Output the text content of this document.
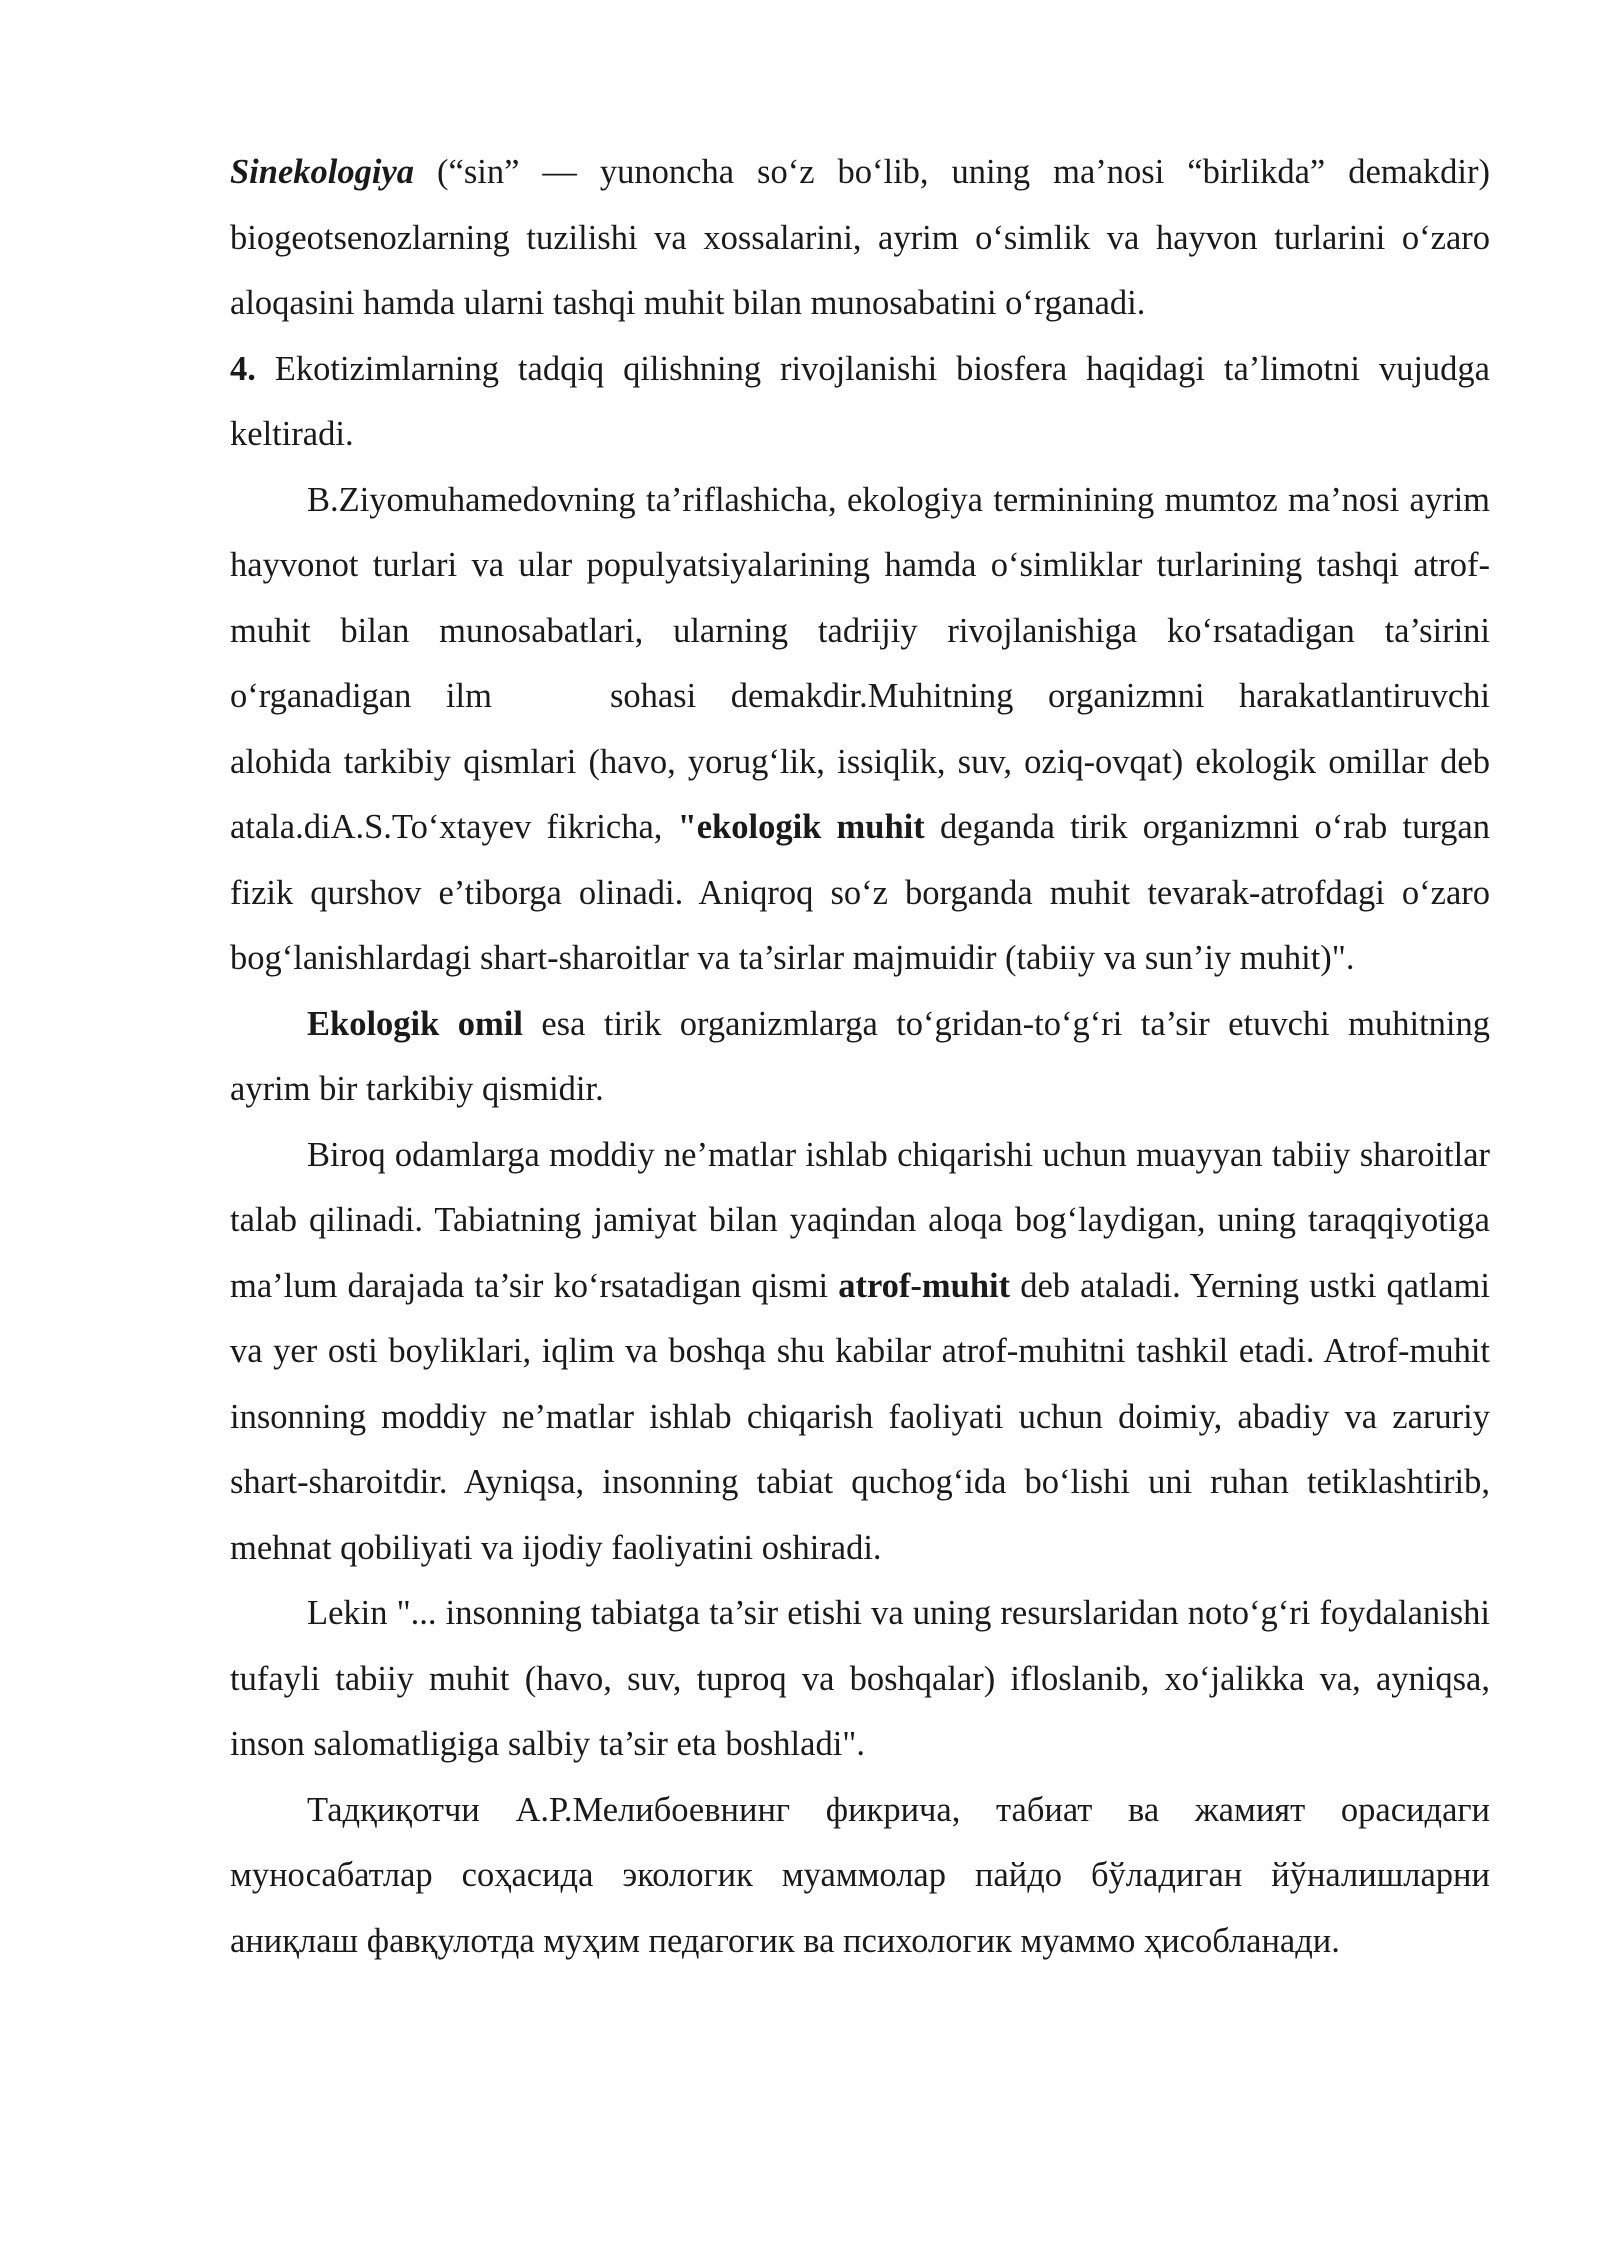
Sinekologiya (“sin” — yunoncha so‘z bo‘lib, uning ma’nosi “birlikda” demakdir) biogeotsenozlarning tuzilishi va xossalarini, ayrim o‘simlik va hayvon turlarini o‘zaro aloqasini hamda ularni tashqi muhit bilan munosabatini o‘rganadi.

4. Ekotizimlarning tadqiq qilishning rivojlanishi biosfera haqidagi ta’limotni vujudga keltiradi.

B.Ziyomuhamedovning ta’riflashicha, ekologiya terminining mumtoz ma’nosi ayrim hayvonot turlari va ular populyatsiyalarining hamda o‘simliklar turlarining tashqi atrof-muhit bilan munosabatlari, ularning tadrijiy rivojlanishiga ko‘rsatadigan ta’sirini o‘rganadigan ilm	sohasi demakdir.Muhitning organizmni harakatlantiruvchi alohida tarkibiy qismlari (havo, yorug‘lik, issiqlik, suv, oziq-ovqat) ekologik omillar deb atala.diA.S.To‘xtayev fikricha, "ekologik muhit deganda tirik organizmni o‘rab turgan fizik qurshov e’tiborga olinadi. Aniqroq so‘z borganda muhit tevarak-atrofdagi o‘zaro bog‘lanishlardagi shart-sharoitlar va ta’sirlar majmuidir (tabiiy va sun’iy muhit)".

Ekologik omil esa tirik organizmlarga to‘gridan-to‘g‘ri ta’sir etuvchi muhitning ayrim bir tarkibiy qismidir.

Biroq odamlarga moddiy ne’matlar ishlab chiqarishi uchun muayyan tabiiy sharoitlar talab qilinadi. Tabiatning jamiyat bilan yaqindan aloqa bog‘laydigan, uning taraqqiyotiga ma’lum darajada ta’sir ko‘rsatadigan qismi atrof-muhit deb ataladi. Yerning ustki qatlami va yer osti boyliklari, iqlim va boshqa shu kabilar atrof-muhitni tashkil etadi. Atrof-muhit insonning moddiy ne’matlar ishlab chiqarish faoliyati uchun doimiy, abadiy va zaruriy shart-sharoitdir. Ayniqsa, insonning tabiat quchog‘ida bo‘lishi uni ruhan tetiklashtirib, mehnat qobiliyati va ijodiy faoliyatini oshiradi.

Lekin "... insonning tabiatga ta’sir etishi va uning resurslaridan noto‘g‘ri foydalanishi tufayli tabiiy muhit (havo, suv, tuproq va boshqalar) ifloslanib, xo‘jalikka va, ayniqsa, inson salomatligiga salbiy ta’sir eta boshladi".

Тадқиқотчи А.Р.Мелибоевнинг фикрича, табиат ва жамият орасидаги муносабатлар соҳасида экологик муаммолар пайдо бўладиган йўналишларни аниқлаш фавқулотда муҳим педагогик ва психологик муаммо ҳисобланади.
